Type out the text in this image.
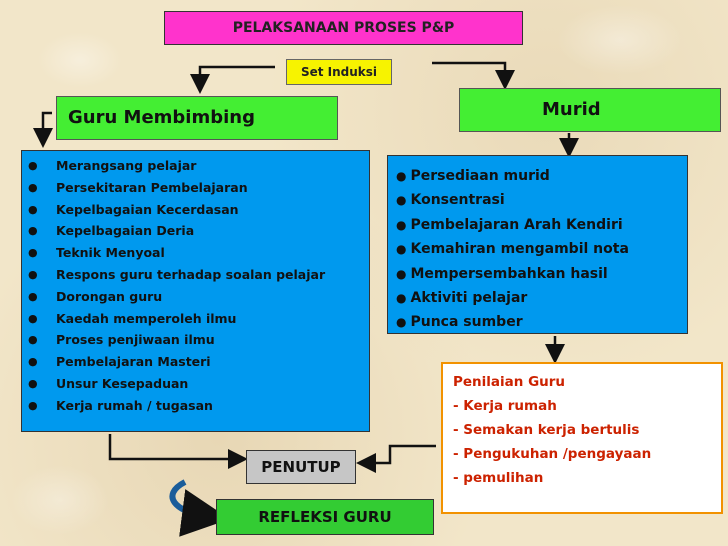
PELAKSANAAN PROSES P&P
Set Induksi
Guru Membimbing	Murid
● Merangsang pelajar
● Persekitaran Pembelajaran
● Kepelbagaian Kecerdasan
● Kepelbagaian Deria
● Teknik Menyoal
● Respons guru terhadap soalan pelajar
● Dorongan guru
● Kaedah memperoleh ilmu
● Proses penjiwaan ilmu
● Pembelajaran Masteri
● Unsur Kesepaduan
● Kerja rumah / tugasan
● Persediaan murid
● Konsentrasi
● Pembelajaran Arah Kendiri
● Kemahiran mengambil nota
● Mempersembahkan hasil
● Aktiviti pelajar
● Punca sumber
Penilaian Guru
- Kerja rumah
- Semakan kerja bertulis
- Pengukuhan /pengayaan
- pemulihan
PENUTUP
REFLEKSI GURU
